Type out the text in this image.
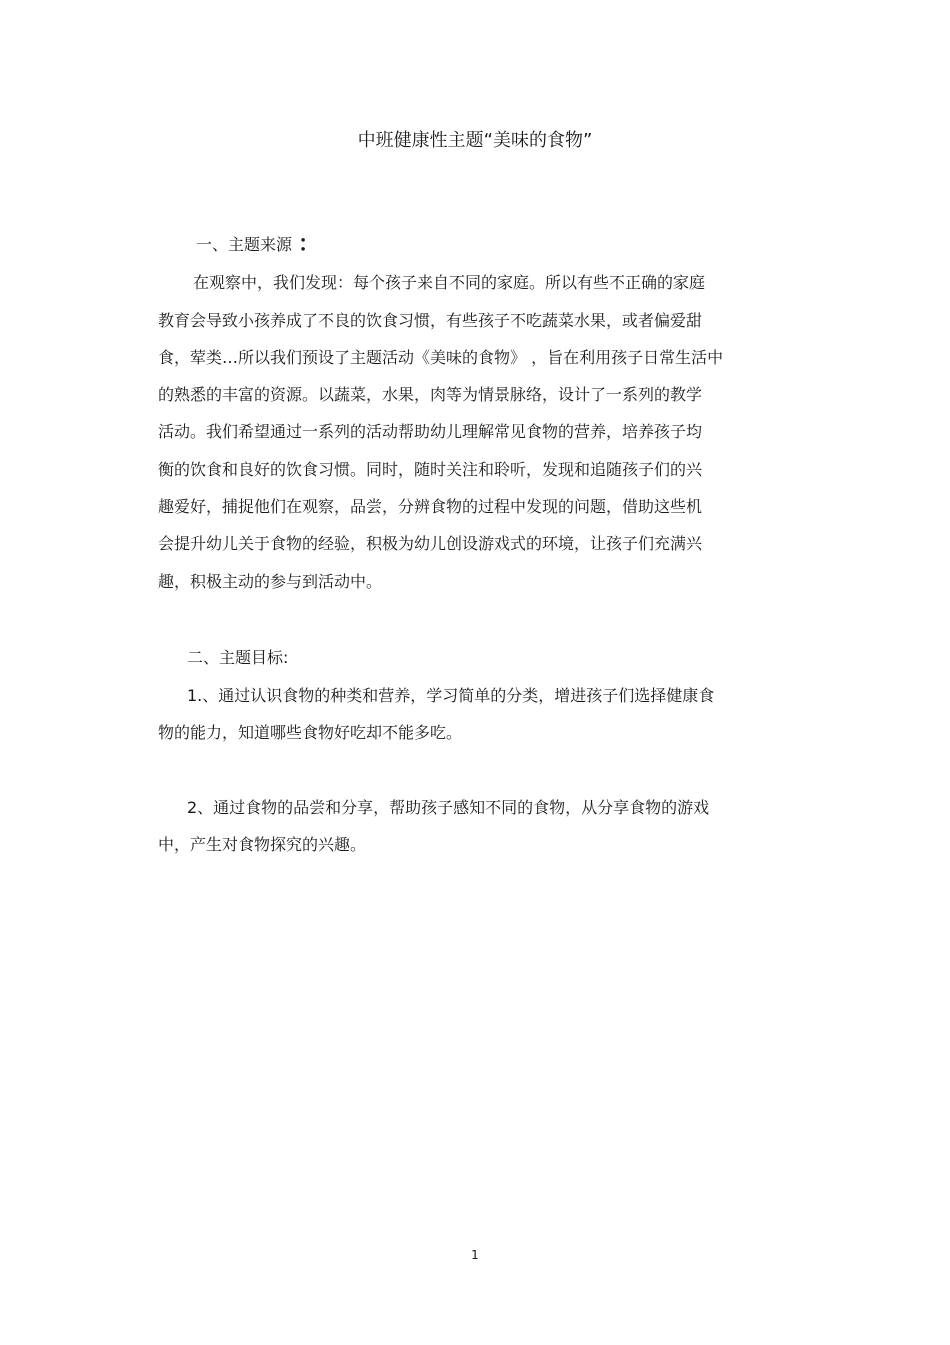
中班健康性主题“美味的食物”
一、主题来源 ：
在观察中，我们发现：每个孩子来自不同的家庭。所以有些不正确的家庭
教育会导致小孩养成了不良的饮食习惯，有些孩子不吃蔬菜水果，或者偏爱甜
食，荤类…所以我们预设了主题活动《美味的食物》 ，旨在利用孩子日常生活中
的熟悉的丰富的资源。以蔬菜，水果，肉等为情景脉络，设计了一系列的教学
活动。我们希望通过一系列的活动帮助幼儿理解常见食物的营养，培养孩子均
衡的饮食和良好的饮食习惯。同时，随时关注和聆听，发现和追随孩子们的兴
趣爱好，捕捉他们在观察，品尝，分辨食物的过程中发现的问题，借助这些机
会提升幼儿关于食物的经验，积极为幼儿创设游戏式的环境，让孩子们充满兴
趣，积极主动的参与到活动中。
二、主题目标:
1.、通过认识食物的种类和营养，学习简单的分类，增进孩子们选择健康食
物的能力，知道哪些食物好吃却不能多吃。
2、通过食物的品尝和分享，帮助孩子感知不同的食物，从分享食物的游戏
中，产生对食物探究的兴趣。
1
